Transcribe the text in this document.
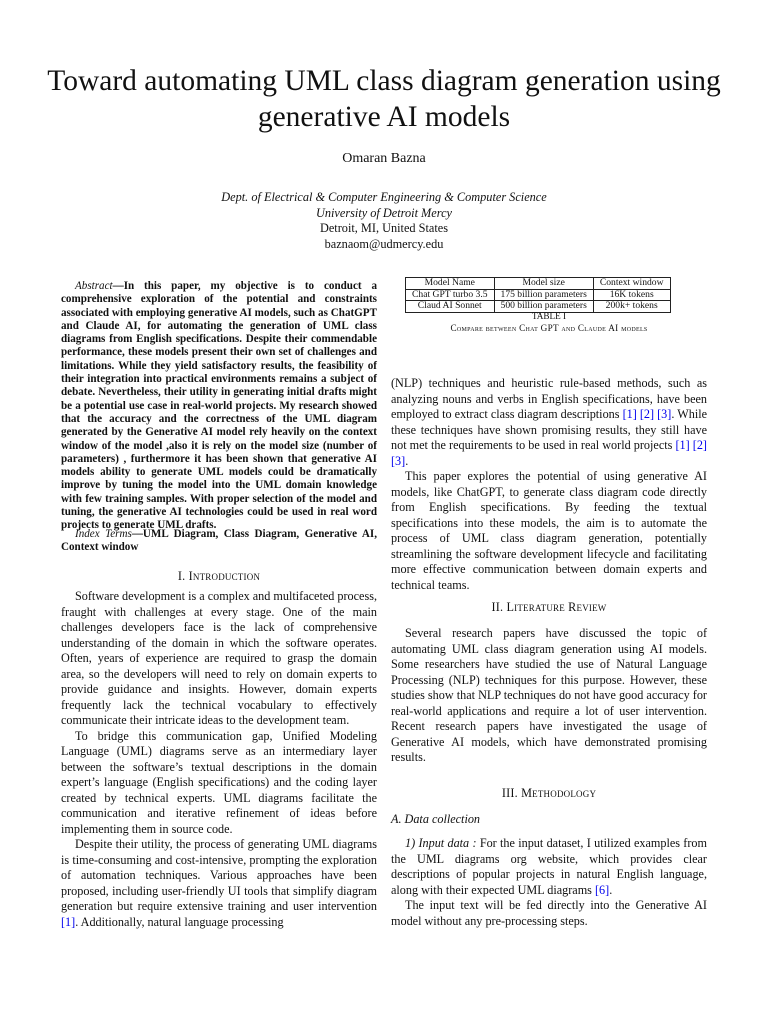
Toward automating UML class diagram generation using generative AI models
Omaran Bazna
Dept. of Electrical & Computer Engineering & Computer Science
University of Detroit Mercy
Detroit, MI, United States
baznaom@udmercy.edu
Abstract—In this paper, my objective is to conduct a comprehensive exploration of the potential and constraints associated with employing generative AI models, such as ChatGPT and Claude AI, for automating the generation of UML class diagrams from English specifications. Despite their commendable performance, these models present their own set of challenges and limitations. While they yield satisfactory results, the feasibility of their integration into practical environments remains a subject of debate. Nevertheless, their utility in generating initial drafts might be a potential use case in real-world projects. My research showed that the accuracy and the correctness of the UML diagram generated by the Generative AI model rely heavily on the context window of the model ,also it is rely on the model size (number of parameters) , furthermore it has been shown that generative AI models ability to generate UML models could be dramatically improve by tuning the model into the UML domain knowledge with few training samples. With proper selection of the model and tuning, the generative AI technologies could be used in real word projects to generate UML drafts.
Index Terms—UML Diagram, Class Diagram, Generative AI, Context window
I. Introduction

Software development is a complex and multifaceted process, fraught with challenges at every stage. One of the main challenges developers face is the lack of comprehensive understanding of the domain in which the software operates. Often, years of experience are required to grasp the domain area, so the developers will need to rely on domain experts to provide guidance and insights. However, domain experts frequently lack the technical vocabulary to effectively communicate their intricate ideas to the development team.

To bridge this communication gap, Unified Modeling Language (UML) diagrams serve as an intermediary layer between the software’s textual descriptions in the domain expert’s language (English specifications) and the coding layer created by technical experts. UML diagrams facilitate the communication and iterative refinement of ideas before implementing them in source code.

Despite their utility, the process of generating UML diagrams is time-consuming and cost-intensive, prompting the exploration of automation techniques. Various approaches have been proposed, including user-friendly UI tools that simplify diagram generation but require extensive training and user intervention [1]. Additionally, natural language processing

Model Name	Model size	Context window
Chat GPT turbo 3.5	175 billion parameters	16K tokens
Claud AI Sonnet	500 billion parameters	200k+ tokens
TABLE I
Compare between Chat GPT and Claude AI models

(NLP) techniques and heuristic rule-based methods, such as analyzing nouns and verbs in English specifications, have been employed to extract class diagram descriptions [1] [2] [3]. While these techniques have shown promising results, they still have not met the requirements to be used in real world projects [1] [2] [3].

This paper explores the potential of using generative AI models, like ChatGPT, to generate class diagram code directly from English specifications. By feeding the textual specifications into these models, the aim is to automate the process of UML class diagram generation, potentially streamlining the software development lifecycle and facilitating more effective communication between domain experts and technical teams.

II. Literature Review

Several research papers have discussed the topic of automating UML class diagram generation using AI models. Some researchers have studied the use of Natural Language Processing (NLP) techniques for this purpose. However, these studies show that NLP techniques do not have good accuracy for real-world applications and require a lot of user intervention. Recent research papers have investigated the usage of Generative AI models, which have demonstrated promising results.

III. Methodology
A. Data collection

1) Input data : For the input dataset, I utilized examples from the UML diagrams org website, which provides clear descriptions of popular projects in natural English language, along with their expected UML diagrams [6].

The input text will be fed directly into the Generative AI model without any pre-processing steps.
